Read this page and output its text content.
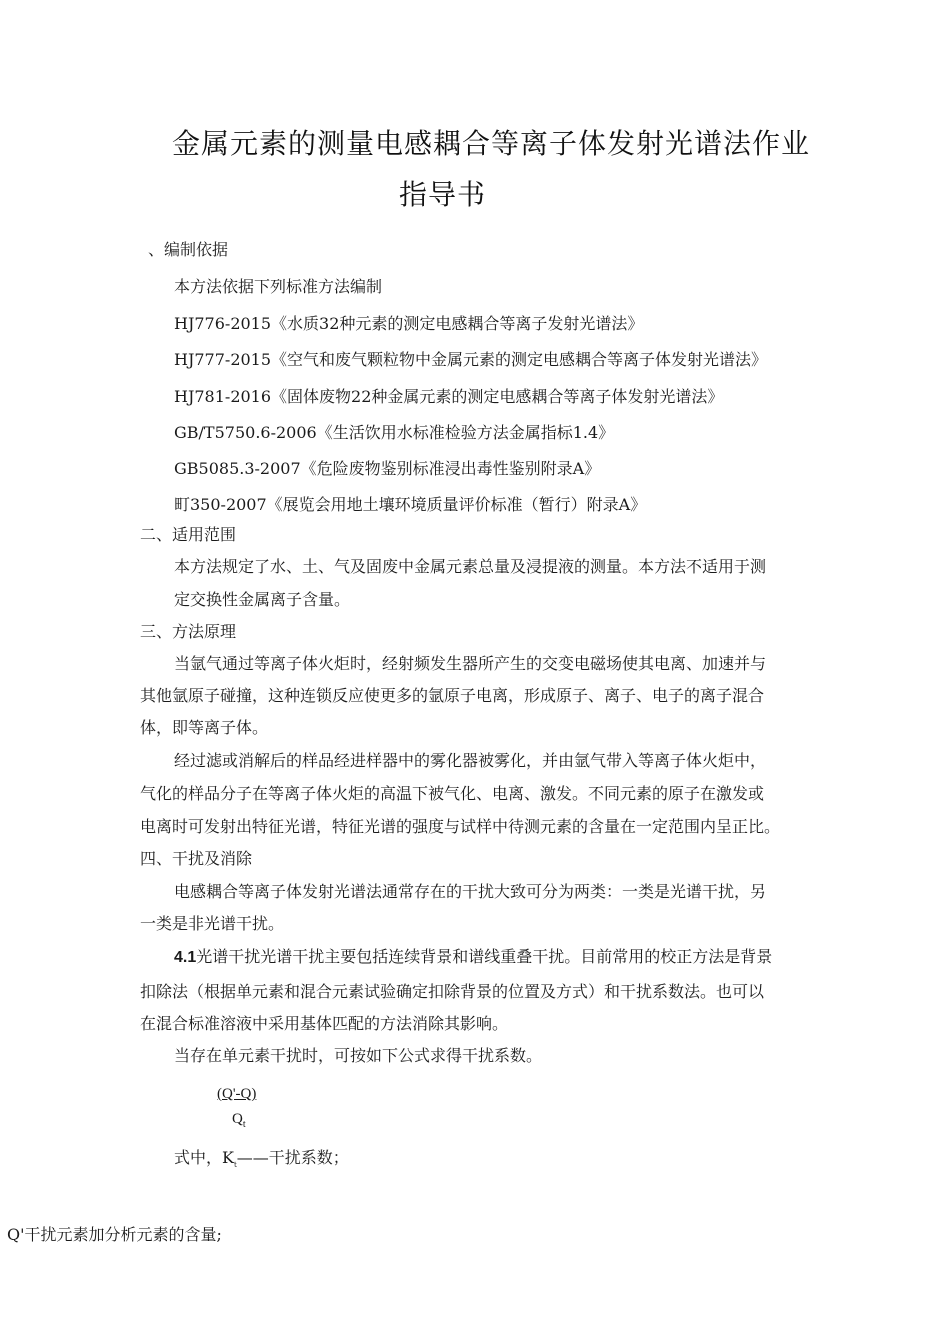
金属元素的测量电感耦合等离子体发射光谱法作业
指导书
、编制依据
本方法依据下列标准方法编制
HJ776-2015《水质32种元素的测定电感耦合等离子发射光谱法》
HJ777-2015《空气和废气颗粒物中金属元素的测定电感耦合等离子体发射光谱法》
HJ781-2016《固体废物22种金属元素的测定电感耦合等离子体发射光谱法》
GB/T5750.6-2006《生活饮用水标准检验方法金属指标1.4》
GB5085.3-2007《危险废物鉴别标准浸出毒性鉴别附录A》
町350-2007《展览会用地土壤环境质量评价标准（暂行）附录A》
二、适用范围
本方法规定了水、土、气及固废中金属元素总量及浸提液的测量。本方法不适用于测
定交换性金属离子含量。
三、方法原理
当氩气通过等离子体火炬时，经射频发生器所产生的交变电磁场使其电离、加速并与
其他氩原子碰撞，这种连锁反应使更多的氩原子电离，形成原子、离子、电子的离子混合
体，即等离子体。
经过滤或消解后的样品经进样器中的雾化器被雾化，并由氩气带入等离子体火炬中，
气化的样品分子在等离子体火炬的高温下被气化、电离、激发。不同元素的原子在激发或
电离时可发射出特征光谱，特征光谱的强度与试样中待测元素的含量在一定范围内呈正比。
四、干扰及消除
电感耦合等离子体发射光谱法通常存在的干扰大致可分为两类：一类是光谱干扰，另
一类是非光谱干扰。
4.1光谱干扰光谱干扰主要包括连续背景和谱线重叠干扰。目前常用的校正方法是背景
扣除法（根据单元素和混合元素试验确定扣除背景的位置及方式）和干扰系数法。也可以
在混合标准溶液中采用基体匹配的方法消除其影响。
当存在单元素干扰时，可按如下公式求得干扰系数。
(Q'-Q)
$Q_t$
式中，$K_t——$干扰系数；
Q'干扰元素加分析元素的含量;
